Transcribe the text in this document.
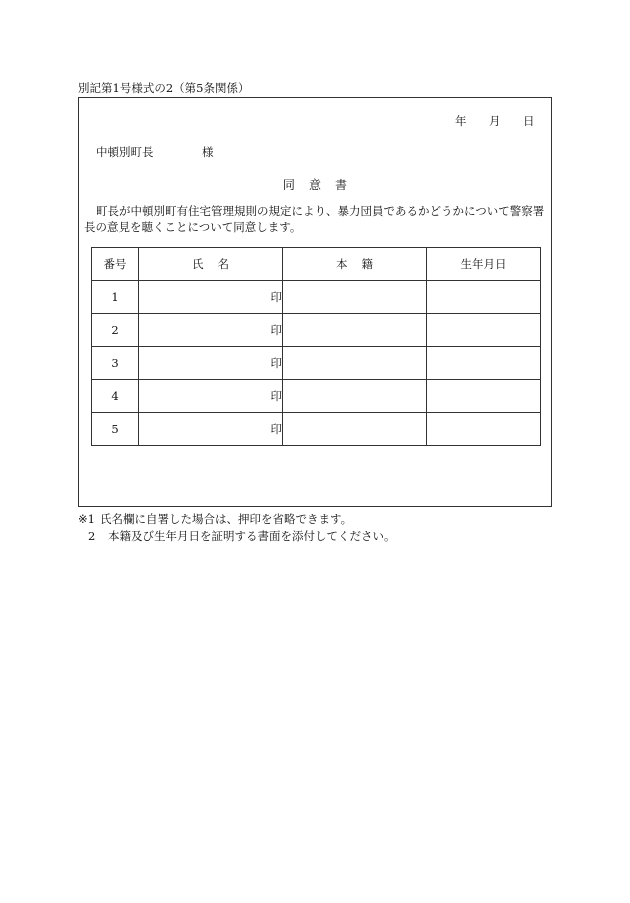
別記第1号様式の2（第5条関係）
年 月 日
中頓別町長	様
同 意 書
町長が中頓別町有住宅管理規則の規定により、暴力団員であるかどうかについて警察署長の意見を聴くことについて同意します。
番号	氏 名	本 籍	生年月日
1	印		
2	印		
3	印		
4	印		
5	印		
※1 氏名欄に自署した場合は、押印を省略できます。
2	本籍及び生年月日を証明する書面を添付してください。
